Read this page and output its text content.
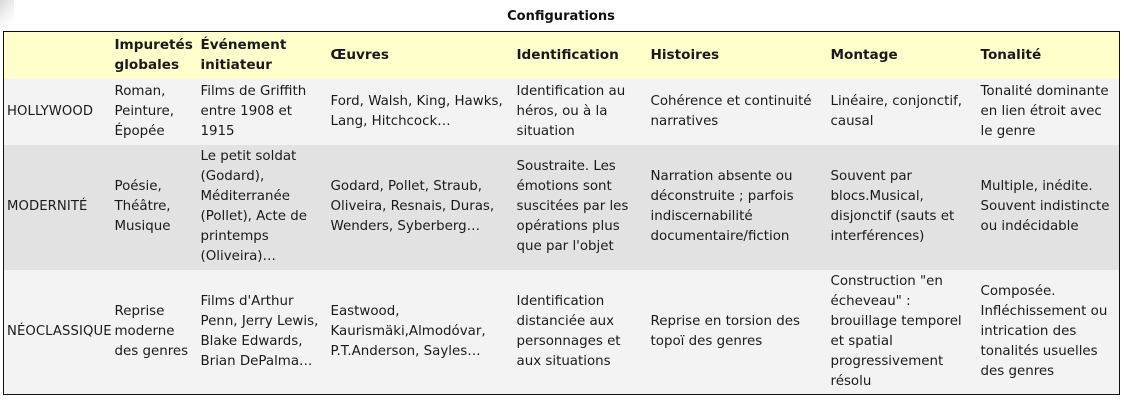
Configurations
	Impuretés globales	Événement initiateur	Œuvres	Identification	Histoires	Montage	Tonalité
HOLLYWOOD	Roman, Peinture, Épopée	Films de Griffith entre 1908 et 1915	Ford, Walsh, King, Hawks, Lang, Hitchcock…	Identification au héros, ou à la situation	Cohérence et continuité narratives	Linéaire, conjonctif, causal	Tonalité dominante en lien étroit avec le genre
MODERNITÉ	Poésie, Théâtre, Musique	Le petit soldat (Godard), Méditerranée (Pollet), Acte de printemps (Oliveira)…	Godard, Pollet, Straub, Oliveira, Resnais, Duras, Wenders, Syberberg…	Soustraite. Les émotions sont suscitées par les opérations plus que par l'objet	Narration absente ou déconstruite ; parfois indiscernabilité documentaire/fiction	Souvent par blocs.Musical, disjonctif (sauts et interférences)	Multiple, inédite. Souvent indistincte ou indécidable
NÉOCLASSIQUE	Reprise moderne des genres	Films d'Arthur Penn, Jerry Lewis, Blake Edwards, Brian DePalma…	Eastwood, Kaurismäki,Almodóvar, P.T.Anderson, Sayles…	Identification distanciée aux personnages et aux situations	Reprise en torsion des topoï des genres	Construction "en écheveau" : brouillage temporel et spatial progressivement résolu	Composée. Infléchissement ou intrication des tonalités usuelles des genres
